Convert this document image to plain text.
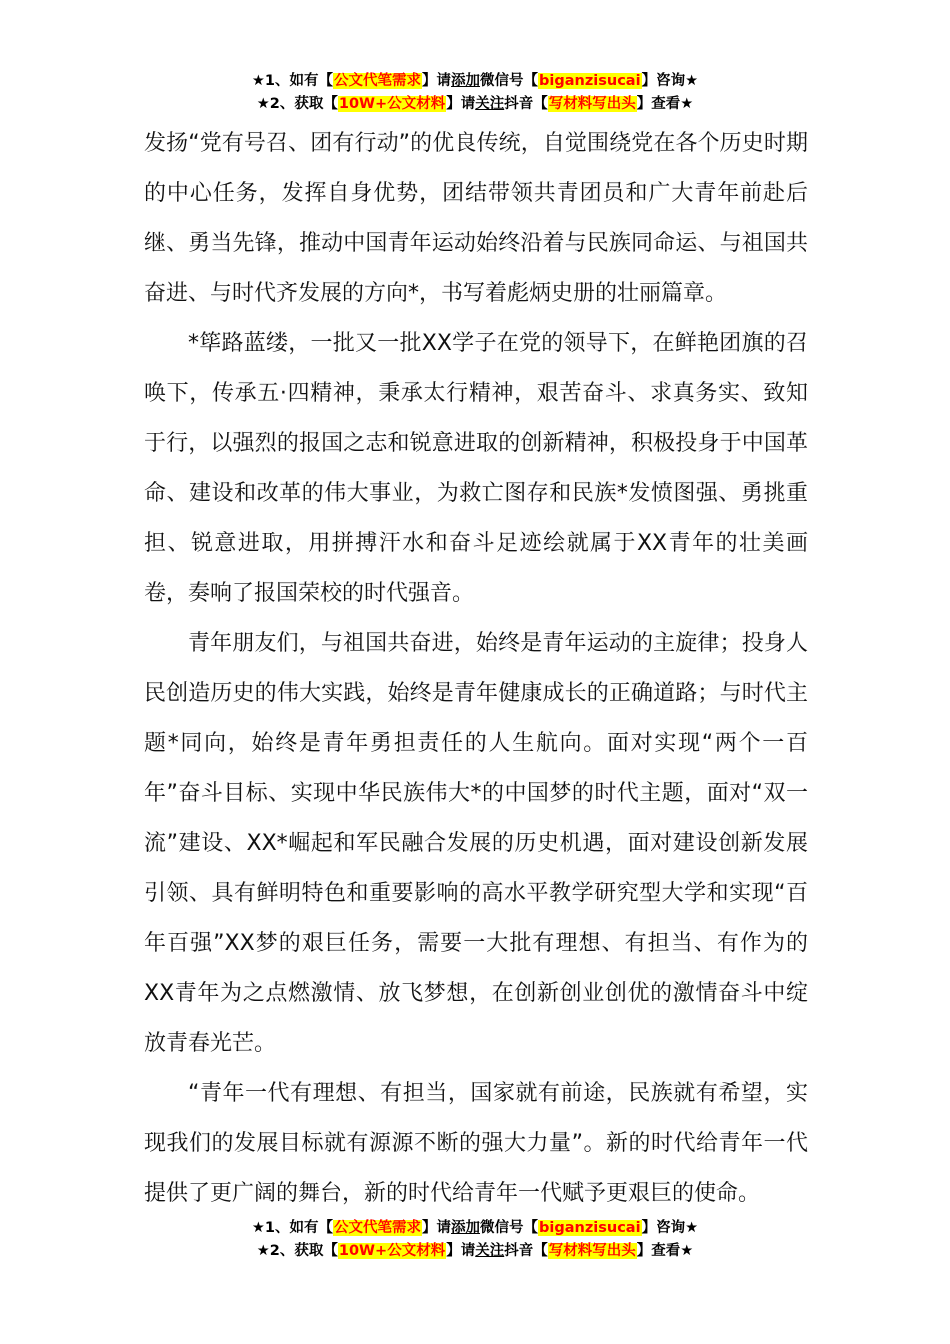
★1、如有【公文代笔需求】请添加微信号【biganzisucai】咨询★
★2、获取【10W+公文材料】请关注抖音【写材料写出头】查看★

发扬“党有号召、团有行动”的优良传统，自觉围绕党在各个历史时期的中心任务，发挥自身优势，团结带领共青团员和广大青年前赴后继、勇当先锋，推动中国青年运动始终沿着与民族同命运、与祖国共奋进、与时代齐发展的方向*，书写着彪炳史册的壮丽篇章。

*筚路蓝缕，一批又一批XX学子在党的领导下，在鲜艳团旗的召唤下，传承五·四精神，秉承太行精神，艰苦奋斗、求真务实、致知于行，以强烈的报国之志和锐意进取的创新精神，积极投身于中国革命、建设和改革的伟大事业，为救亡图存和民族*发愤图强、勇挑重担、锐意进取，用拼搏汗水和奋斗足迹绘就属于XX青年的壮美画卷，奏响了报国荣校的时代强音。

青年朋友们，与祖国共奋进，始终是青年运动的主旋律；投身人民创造历史的伟大实践，始终是青年健康成长的正确道路；与时代主题*同向，始终是青年勇担责任的人生航向。面对实现“两个一百年”奋斗目标、实现中华民族伟大*的中国梦的时代主题，面对“双一流”建设、XX*崛起和军民融合发展的历史机遇，面对建设创新发展引领、具有鲜明特色和重要影响的高水平教学研究型大学和实现“百年百强”XX梦的艰巨任务，需要一大批有理想、有担当、有作为的XX青年为之点燃激情、放飞梦想，在创新创业创优的激情奋斗中绽放青春光芒。

“青年一代有理想、有担当，国家就有前途，民族就有希望，实现我们的发展目标就有源源不断的强大力量”。新的时代给青年一代提供了更广阔的舞台，新的时代给青年一代赋予更艰巨的使命。

★1、如有【公文代笔需求】请添加微信号【biganzisucai】咨询★
★2、获取【10W+公文材料】请关注抖音【写材料写出头】查看★
